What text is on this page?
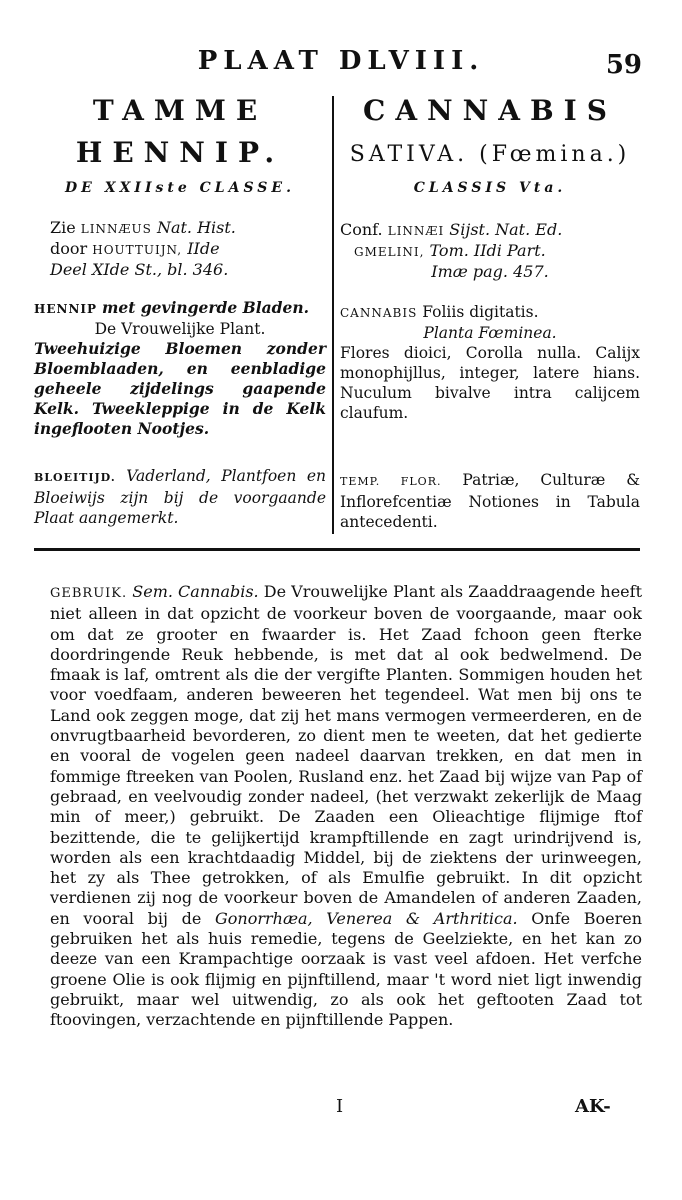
PLAAT DLVIII.	59
TAMME
HENNIP.
DE XXIIste CLASSE.
Zie LINNÆUS Nat. Hist.
door HOUTTUIJN, IIde
Deel XIde St., bl. 346.
HENNIP met gevingerde Bladen.
De Vrouwelijke Plant.
Tweehuizige Bloemen zonder Bloemblaaden, en eenbladige geheele zijdelings gaapende Kelk. Tweekleppige in de Kelk ingeflooten Nootjes.
BLOEITIJD. Vaderland, Plantfoen en Bloeiwijs zijn bij de voorgaande Plaat aangemerkt.
CANNABIS
SATIVA. (Fœmina.)
CLASSIS Vta.
Conf. LINNÆI Sijst. Nat. Ed.
GMELINI, Tom. IIdi Part.
Imæ pag. 457.
CANNABIS Foliis digitatis.
Planta Fœminea.
Flores dioici, Corolla nulla. Calijx monophijllus, integer, latere hians. Nuculum bivalve intra calijcem claufum.
TEMP. FLOR. Patriæ, Culturæ & Inflorefcentiæ Notiones in Tabula antecedenti.
GEBRUIK. Sem. Cannabis. De Vrouwelijke Plant als Zaaddraagende heeft niet alleen in dat opzicht de voorkeur boven de voorgaande, maar ook om dat ze grooter en fwaarder is. Het Zaad fchoon geen fterke doordringende Reuk hebbende, is met dat al ook bedwelmend. De fmaak is laf, omtrent als die der vergifte Planten. Sommigen houden het voor voedfaam, anderen beweeren het tegendeel. Wat men bij ons te Land ook zeggen moge, dat zij het mans vermogen vermeerderen, en de onvrugtbaarheid bevorderen, zo dient men te weeten, dat het gedierte en vooral de vogelen geen nadeel daarvan trekken, en dat men in fommige ftreeken van Poolen, Rusland enz. het Zaad bij wijze van Pap of gebraad, en veelvoudig zonder nadeel, (het verzwakt zekerlijk de Maag min of meer,) gebruikt. De Zaaden een Olieachtige flijmige ftof bezittende, die te gelijkertijd krampftillende en zagt urindrijvend is, worden als een krachtdaadig Middel, bij de ziektens der urinweegen, het zy als Thee getrokken, of als Emulfie gebruikt. In dit opzicht verdienen zij nog de voorkeur boven de Amandelen of anderen Zaaden, en vooral bij de Gonorrhæa, Venerea & Arthritica. Onfe Boeren gebruiken het als huis remedie, tegens de Geelziekte, en het kan zo deeze van een Krampachtige oorzaak is vast veel afdoen. Het verfche groene Olie is ook flijmig en pijnftillend, maar 't word niet ligt inwendig gebruikt, maar wel uitwendig, zo als ook het geftooten Zaad tot ftoovingen, verzachtende en pijnftillende Pappen.
I	AK-
